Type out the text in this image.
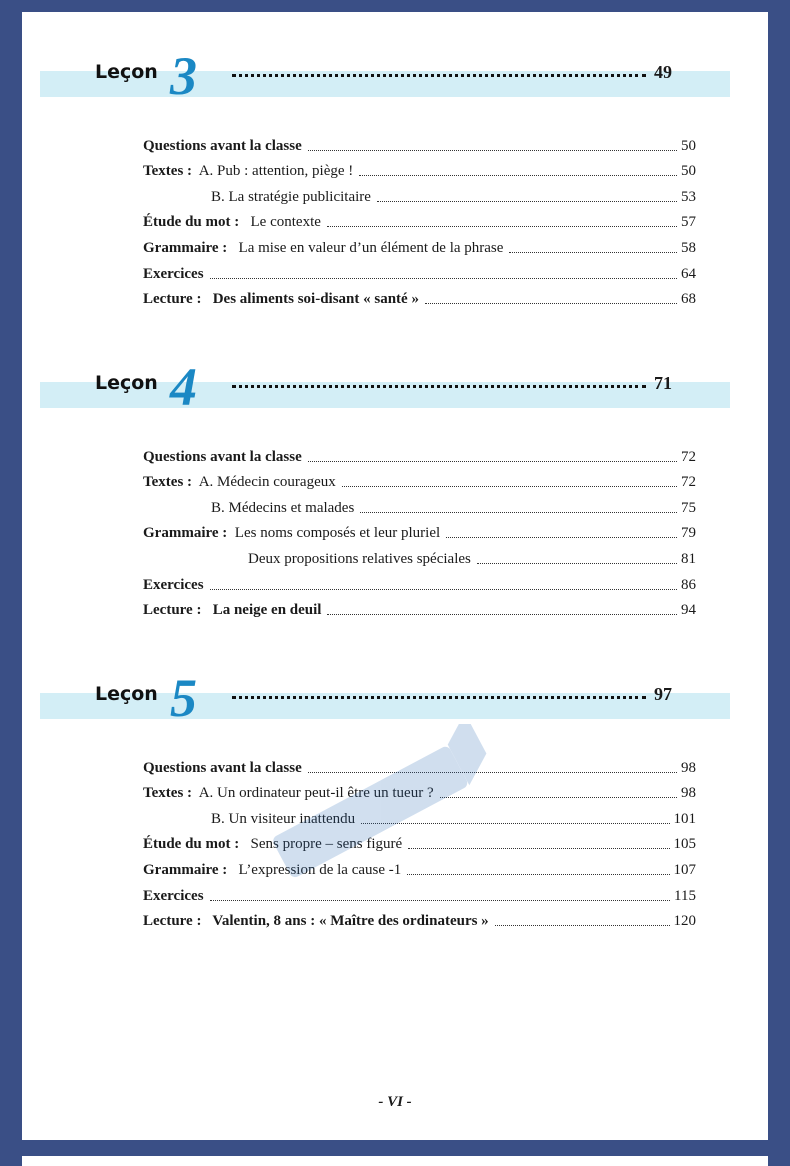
Leçon 3	49
Questions avant la classe	50
Textes : A. Pub : attention, piège !	50
B. La stratégie publicitaire	53
Étude du mot : Le contexte	57
Grammaire : La mise en valeur d’un élément de la phrase	58
Exercices	64
Lecture : Des aliments soi-disant « santé »	68
Leçon 4	71
Questions avant la classe	72
Textes : A. Médecin courageux	72
B. Médecins et malades	75
Grammaire : Les noms composés et leur pluriel	79
Deux propositions relatives spéciales	81
Exercices	86
Lecture : La neige en deuil	94
Leçon 5	97
Questions avant la classe	98
Textes : A. Un ordinateur peut-il être un tueur ?	98
B. Un visiteur inattendu	101
Étude du mot : Sens propre – sens figuré	105
Grammaire : L’expression de la cause -1	107
Exercices	115
Lecture : Valentin, 8 ans : « Maître des ordinateurs »	120
- VI -
